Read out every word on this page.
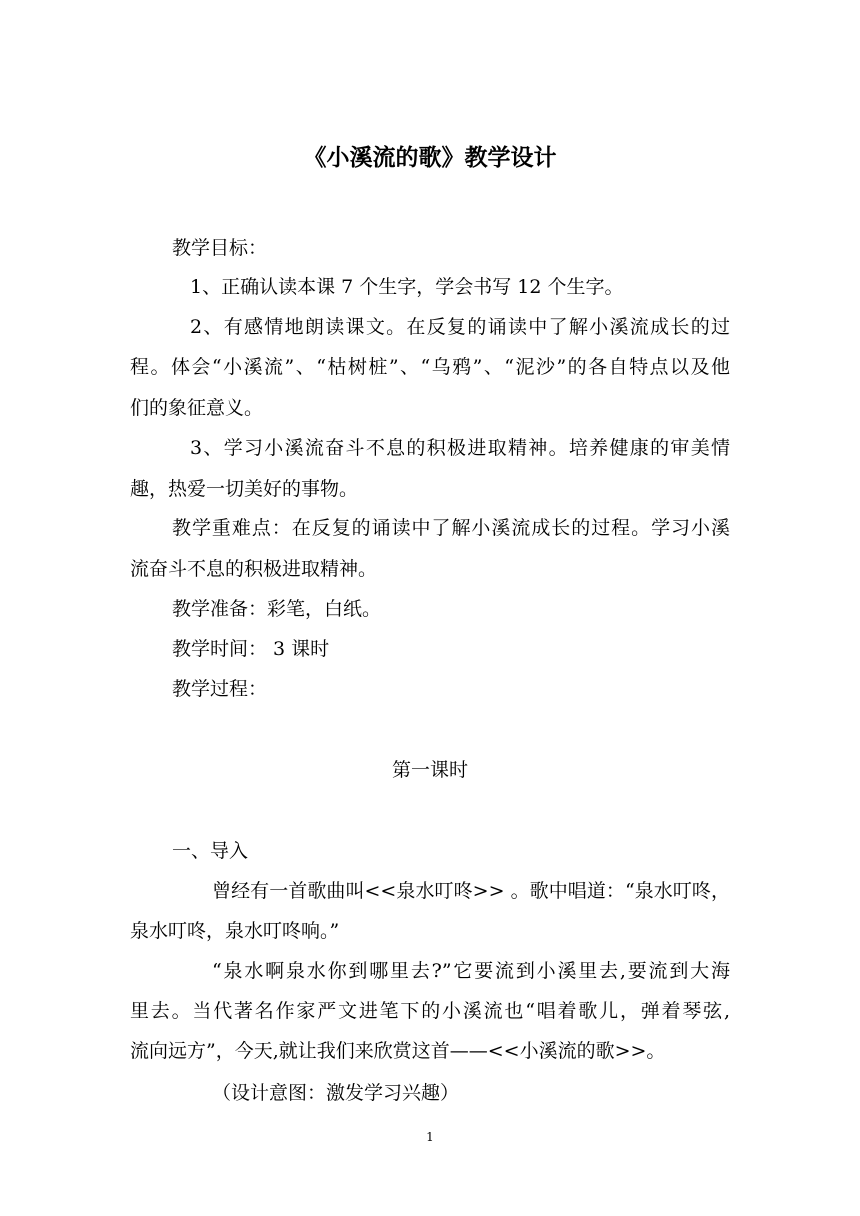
《小溪流的歌》教学设计
教学目标：
1、正确认读本课 7 个生字，学会书写 12 个生字。
2、有感情地朗读课文。在反复的诵读中了解小溪流成长的过
程。体会“小溪流”、“枯树桩”、“乌鸦”、“泥沙”的各自特点以及他
们的象征意义。
3、学习小溪流奋斗不息的积极进取精神。培养健康的审美情
趣，热爱一切美好的事物。
教学重难点：在反复的诵读中了解小溪流成长的过程。学习小溪
流奋斗不息的积极进取精神。
教学准备：彩笔，白纸。
教学时间： 3 课时
教学过程：
第一课时
一、导入
曾经有一首歌曲叫<<泉水叮咚>> 。歌中唱道：“泉水叮咚，
泉水叮咚，泉水叮咚响。”
“泉水啊泉水你到哪里去?”它要流到小溪里去,要流到大海
里去。当代著名作家严文进笔下的小溪流也“唱着歌儿，弹着琴弦,
流向远方”，今天,就让我们来欣赏这首——<<小溪流的歌>>。
（设计意图：激发学习兴趣）
1
